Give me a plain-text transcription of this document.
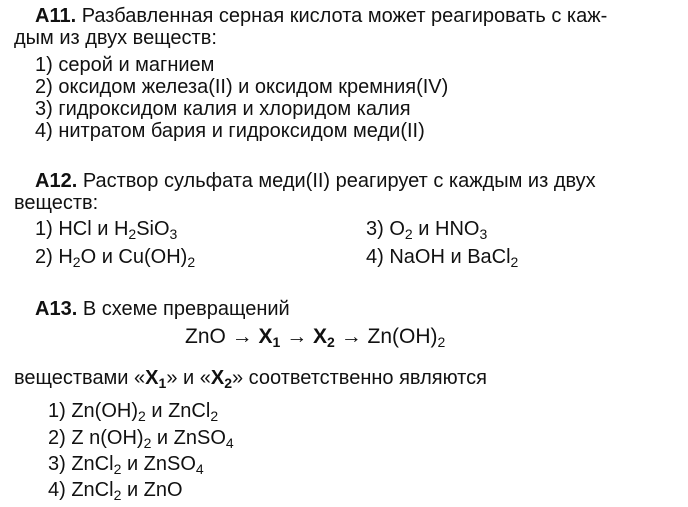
A11. Разбавленная серная кислота может реагировать с каж-
дым из двух веществ:
1) серой и магнием
2) оксидом железа(II) и оксидом кремния(IV)
3) гидроксидом калия и хлоридом калия
4) нитратом бария и гидроксидом меди(II)
A12. Раствор сульфата меди(II) реагирует с каждым из двух
веществ:
1) HCl и $H_2SiO_3$
2) $H_2O$ и $Cu(OH)_2$
3) $O_2$ и $HNO_3$
4) NaOH и BaCl$_2$
A13. В схеме превращений
ZnO → $X_1 \to X_2 \to Zn(OH)_2$
веществами «$X_1$» и «$X_2$» соответственно являются
1) $Zn(OH)_2$ и ZnCl$_2$
2) Z $n(OH)_2$ и ZnSO$_4$
3) ZnCl$_2$ и ZnSO$_4$
4) ZnCl$_2$ и ZnO
